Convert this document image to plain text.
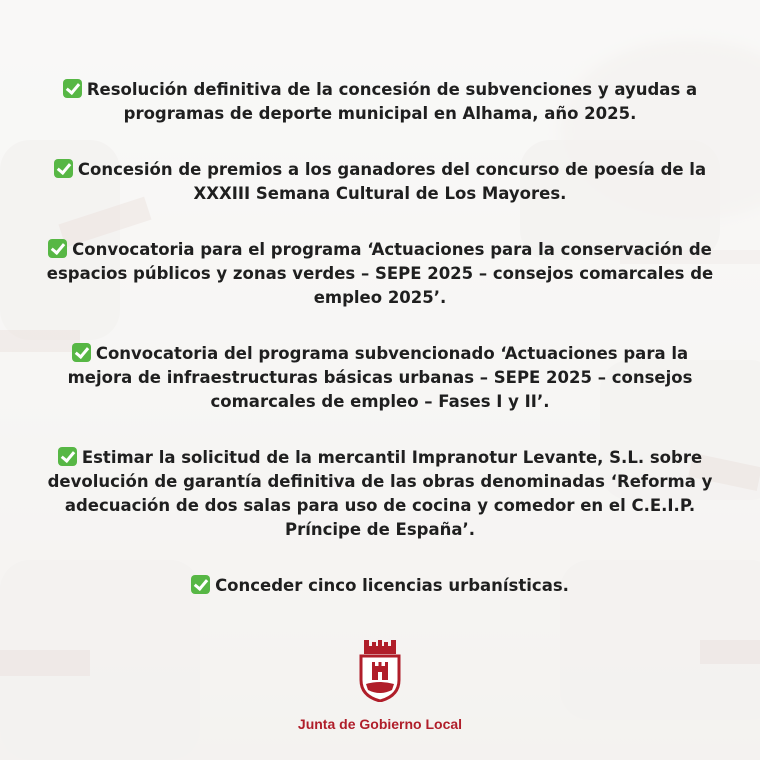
Resolución definitiva de la concesión de subvenciones y ayudas a programas de deporte municipal en Alhama, año 2025.

Concesión de premios a los ganadores del concurso de poesía de la XXXIII Semana Cultural de Los Mayores.

Convocatoria para el programa ‘Actuaciones para la conservación de espacios públicos y zonas verdes – SEPE 2025 – consejos comarcales de empleo 2025’.

Convocatoria del programa subvencionado ‘Actuaciones para la mejora de infraestructuras básicas urbanas – SEPE 2025 – consejos comarcales de empleo – Fases I y II’.

Estimar la solicitud de la mercantil Impranotur Levante, S.L. sobre devolución de garantía definitiva de las obras denominadas ‘Reforma y adecuación de dos salas para uso de cocina y comedor en el C.E.I.P. Príncipe de España’.

Conceder cinco licencias urbanísticas.

Junta de Gobierno Local
